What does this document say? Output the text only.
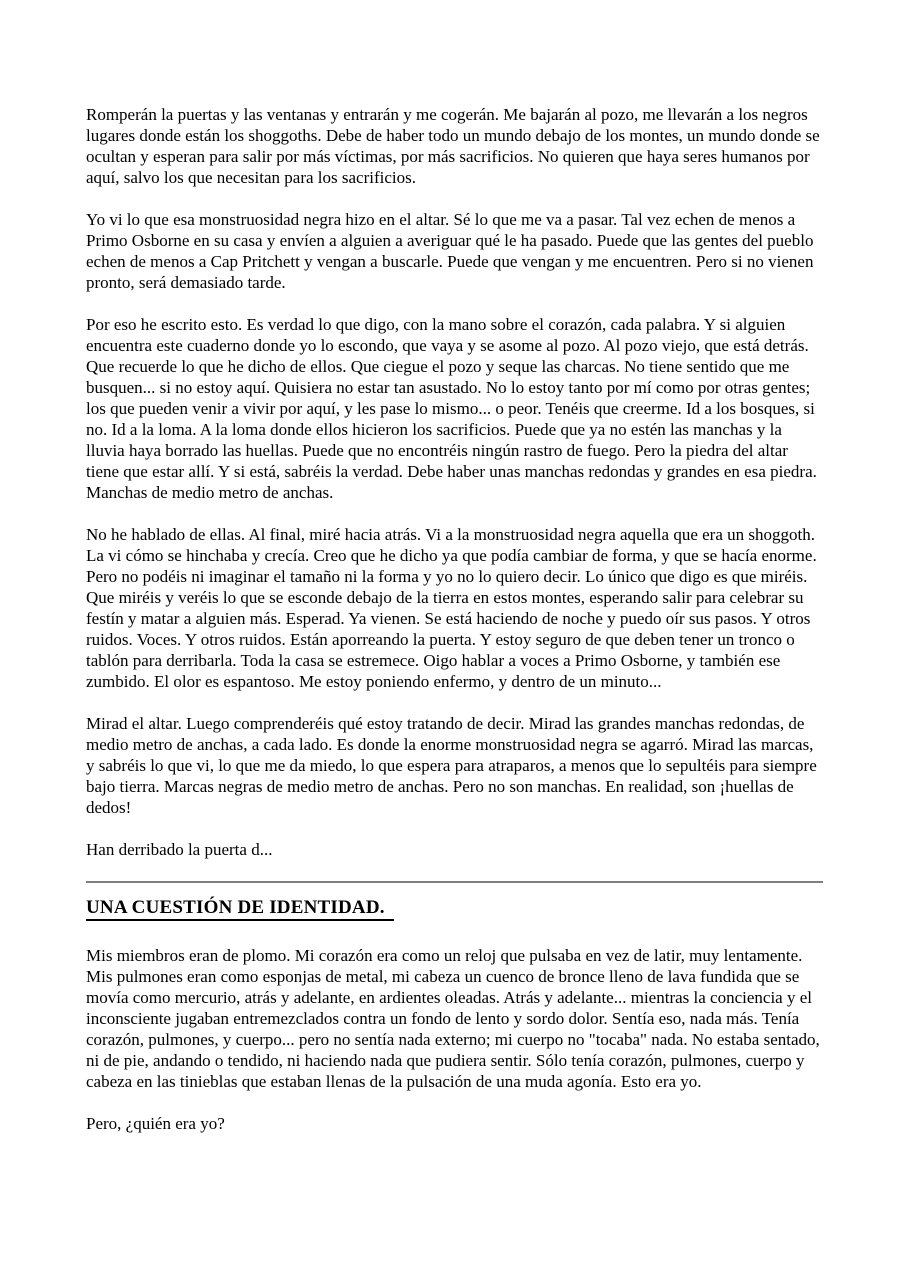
Romperán la puertas y las ventanas y entrarán y me cogerán. Me bajarán al pozo, me llevarán a los negros lugares donde están los shoggoths. Debe de haber todo un mundo debajo de los montes, un mundo donde se ocultan y esperan para salir por más víctimas, por más sacrificios. No quieren que haya seres humanos por aquí, salvo los que necesitan para los sacrificios.

Yo vi lo que esa monstruosidad negra hizo en el altar. Sé lo que me va a pasar. Tal vez echen de menos a Primo Osborne en su casa y envíen a alguien a averiguar qué le ha pasado. Puede que las gentes del pueblo echen de menos a Cap Pritchett y vengan a buscarle. Puede que vengan y me encuentren. Pero si no vienen pronto, será demasiado tarde.

Por eso he escrito esto. Es verdad lo que digo, con la mano sobre el corazón, cada palabra. Y si alguien encuentra este cuaderno donde yo lo escondo, que vaya y se asome al pozo. Al pozo viejo, que está detrás. Que recuerde lo que he dicho de ellos. Que ciegue el pozo y seque las charcas. No tiene sentido que me busquen... si no estoy aquí. Quisiera no estar tan asustado. No lo estoy tanto por mí como por otras gentes; los que pueden venir a vivir por aquí, y les pase lo mismo... o peor. Tenéis que creerme. Id a los bosques, si no. Id a la loma. A la loma donde ellos hicieron los sacrificios. Puede que ya no estén las manchas y la lluvia haya borrado las huellas. Puede que no encontréis ningún rastro de fuego. Pero la piedra del altar tiene que estar allí. Y si está, sabréis la verdad. Debe haber unas manchas redondas y grandes en esa piedra. Manchas de medio metro de anchas.

No he hablado de ellas. Al final, miré hacia atrás. Vi a la monstruosidad negra aquella que era un shoggoth. La vi cómo se hinchaba y crecía. Creo que he dicho ya que podía cambiar de forma, y que se hacía enorme. Pero no podéis ni imaginar el tamaño ni la forma y yo no lo quiero decir. Lo único que digo es que miréis. Que miréis y veréis lo que se esconde debajo de la tierra en estos montes, esperando salir para celebrar su festín y matar a alguien más. Esperad. Ya vienen. Se está haciendo de noche y puedo oír sus pasos. Y otros ruidos. Voces. Y otros ruidos. Están aporreando la puerta. Y estoy seguro de que deben tener un tronco o tablón para derribarla. Toda la casa se estremece. Oigo hablar a voces a Primo Osborne, y también ese zumbido. El olor es espantoso. Me estoy poniendo enfermo, y dentro de un minuto...

Mirad el altar. Luego comprenderéis qué estoy tratando de decir. Mirad las grandes manchas redondas, de medio metro de anchas, a cada lado. Es donde la enorme monstruosidad negra se agarró. Mirad las marcas, y sabréis lo que vi, lo que me da miedo, lo que espera para atraparos, a menos que lo sepultéis para siempre bajo tierra. Marcas negras de medio metro de anchas. Pero no son manchas. En realidad, son ¡huellas de dedos!

Han derribado la puerta d...

UNA CUESTIÓN DE IDENTIDAD.

Mis miembros eran de plomo. Mi corazón era como un reloj que pulsaba en vez de latir, muy lentamente. Mis pulmones eran como esponjas de metal, mi cabeza un cuenco de bronce lleno de lava fundida que se movía como mercurio, atrás y adelante, en ardientes oleadas. Atrás y adelante... mientras la conciencia y el inconsciente jugaban entremezclados contra un fondo de lento y sordo dolor. Sentía eso, nada más. Tenía corazón, pulmones, y cuerpo... pero no sentía nada externo; mi cuerpo no "tocaba" nada. No estaba sentado, ni de pie, andando o tendido, ni haciendo nada que pudiera sentir. Sólo tenía corazón, pulmones, cuerpo y cabeza en las tinieblas que estaban llenas de la pulsación de una muda agonía. Esto era yo.

Pero, ¿quién era yo?
